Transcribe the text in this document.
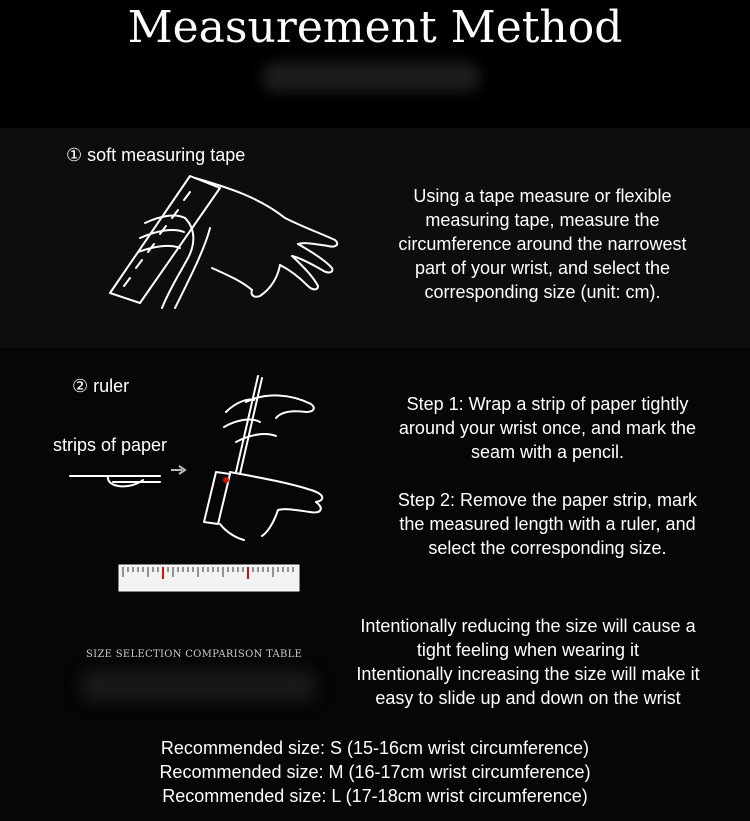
Measurement Method
① soft measuring tape
Using a tape measure or flexible
measuring tape, measure the
circumference around the narrowest
part of your wrist, and select the
corresponding size (unit: cm).
② ruler
strips of paper
Step 1: Wrap a strip of paper tightly
around your wrist once, and mark the
seam with a pencil.
Step 2: Remove the paper strip, mark
the measured length with a ruler, and
select the corresponding size.
SIZE SELECTION COMPARISON TABLE
Intentionally reducing the size will cause a
tight feeling when wearing it
Intentionally increasing the size will make it
easy to slide up and down on the wrist
Recommended size: S (15-16cm wrist circumference)
Recommended size: M (16-17cm wrist circumference)
Recommended size: L (17-18cm wrist circumference)
